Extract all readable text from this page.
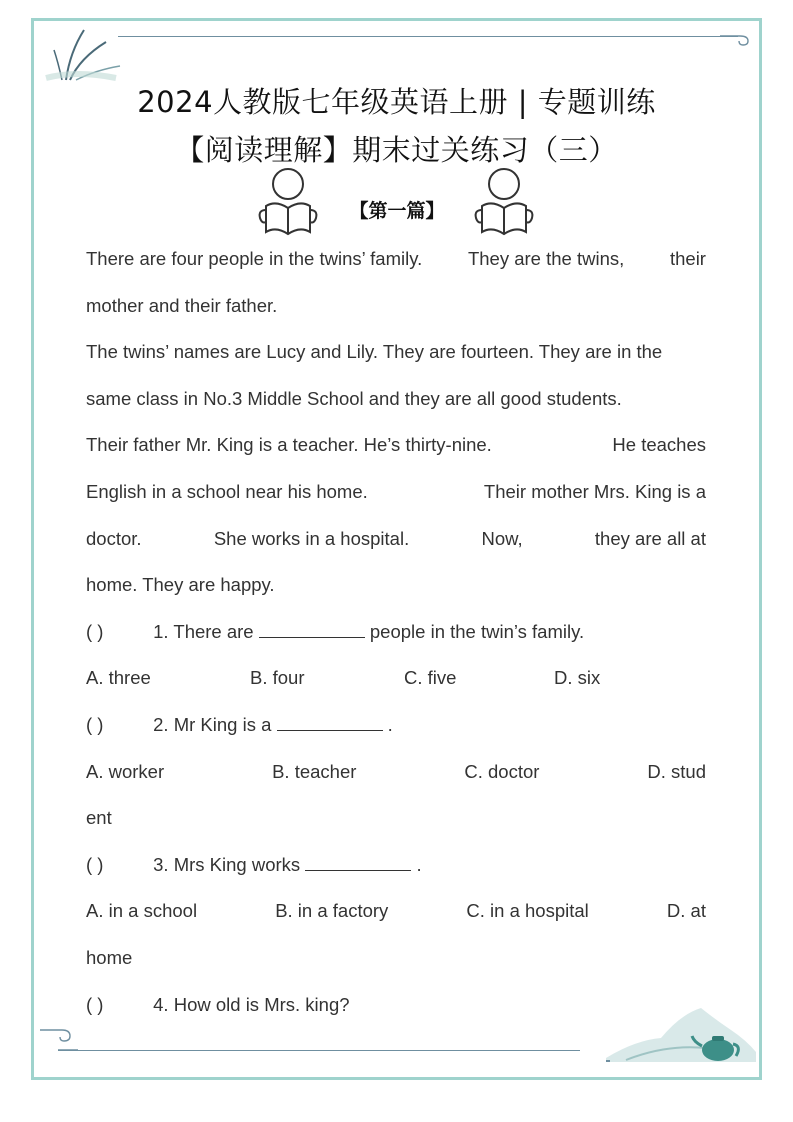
2024人教版七年级英语上册 | 专题训练
【阅读理解】期末过关练习（三）
【第一篇】
There are four people in the twins’ family. They are the twins, their
mother and their father.
The twins’ names are Lucy and Lily. They are fourteen. They are in the
same class in No.3 Middle School and they are all good students.
Their father Mr. King is a teacher. He’s thirty-nine.	He teaches
English in a school near his home.	Their mother Mrs. King is a
doctor.	She works in a hospital.	Now,	they are all at
home. They are happy.
( )	1. There are	people in the twin’s family.
A. three	B. four	C. five	D. six
( )	2. Mr King is a	.
A. worker	B. teacher	C. doctor	D. stud
ent
( )	3. Mrs King works	.
A. in a school	B. in a factory	C. in a hospital	D. at
home
( )	4. How old is Mrs. king?
